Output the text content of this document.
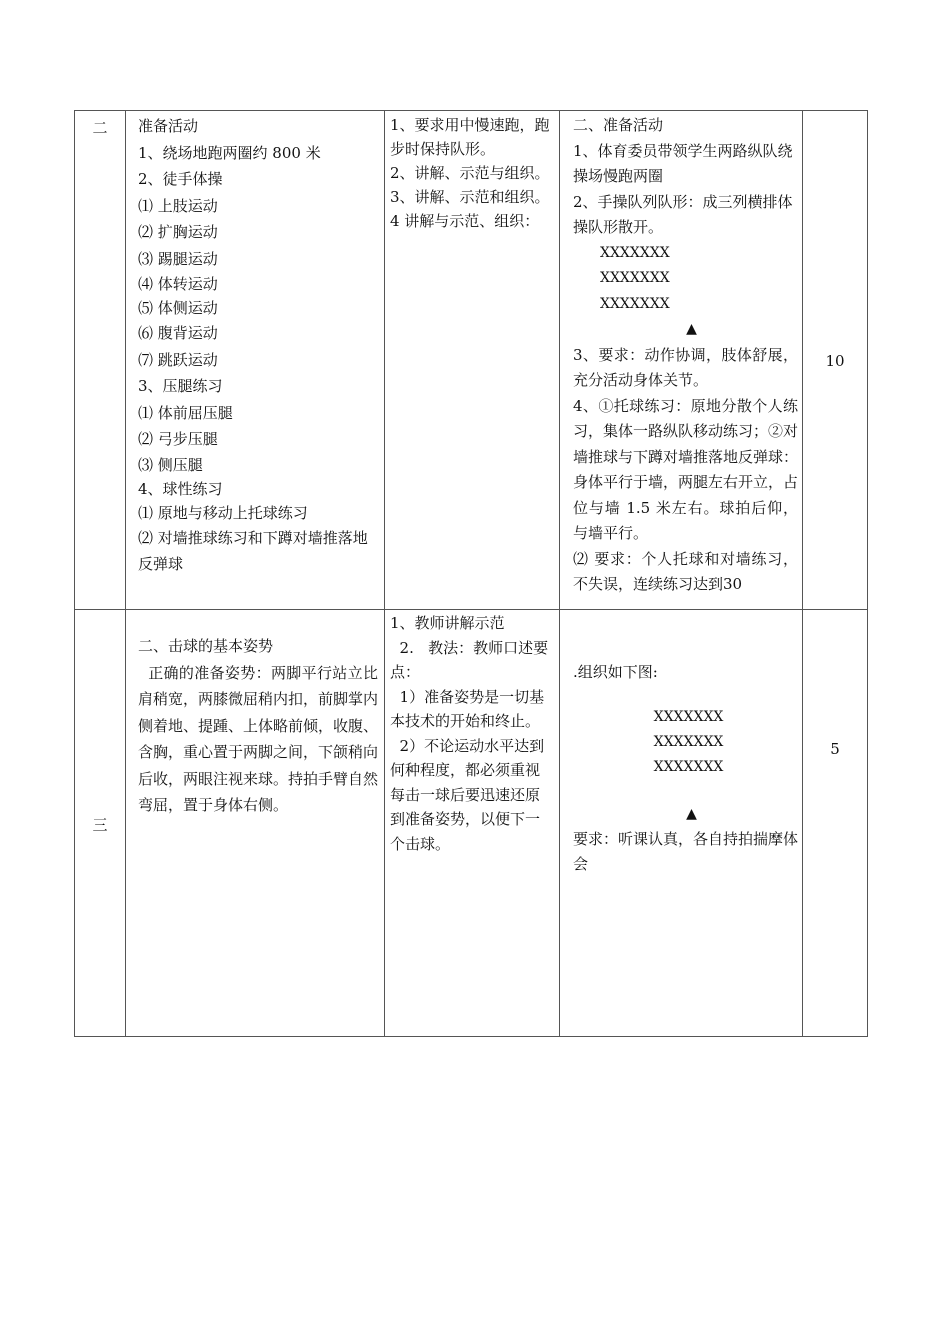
二	准备活动

1、绕场地跑两圈约 800 米

2、徒手体操

⑴ 上肢运动

⑵ 扩胸运动

⑶ 踢腿运动

⑷ 体转运动

⑸ 体侧运动

⑹ 腹背运动

⑺ 跳跃运动

3、压腿练习

⑴ 体前屈压腿

⑵ 弓步压腿

⑶ 侧压腿

4、球性练习

⑴ 原地与移动上托球练习

⑵ 对墙推球练习和下蹲对墙推落地反弹球

1、要求用中慢速跑，跑步时保持队形。

2、讲解、示范与组织。

3、讲解、示范和组织。4 讲解与示范、组织：

二、准备活动

1、体育委员带领学生两路纵队绕操场慢跑两圈

2、手操队列队形：成三列横排体操队形散开。

XXXXXXX

XXXXXXX

XXXXXXX

▲

3、要求：动作协调，肢体舒展，充分活动身体关节。

4、①托球练习：原地分散个人练习，集体一路纵队移动练习；②对墙推球与下蹲对墙推落地反弹球：身体平行于墙，两腿左右开立，占位与墙 1.5 米左右。球拍后仰，与墙平行。

⑵ 要求：个人托球和对墙练习，不失误，连续练习达到30

10
三

二、击球的基本姿势

正确的准备姿势：两脚平行站立比肩稍宽，两膝微屈稍内扣，前脚掌内侧着地、提踵、上体略前倾，收腹、含胸，重心置于两脚之间，下颌稍向后收，两眼注视来球。持拍手臂自然弯屈，置于身体右侧。

1、教师讲解示范

2.   教法：教师口述要点：

1）准备姿势是一切基本技术的开始和终止。

2）不论运动水平达到何种程度，都必须重视每击一球后要迅速还原到准备姿势，以便下一个击球。

.组织如下图:

XXXXXXX

XXXXXXX

XXXXXXX

▲

要求：听课认真，各自持拍揣摩体会

5
